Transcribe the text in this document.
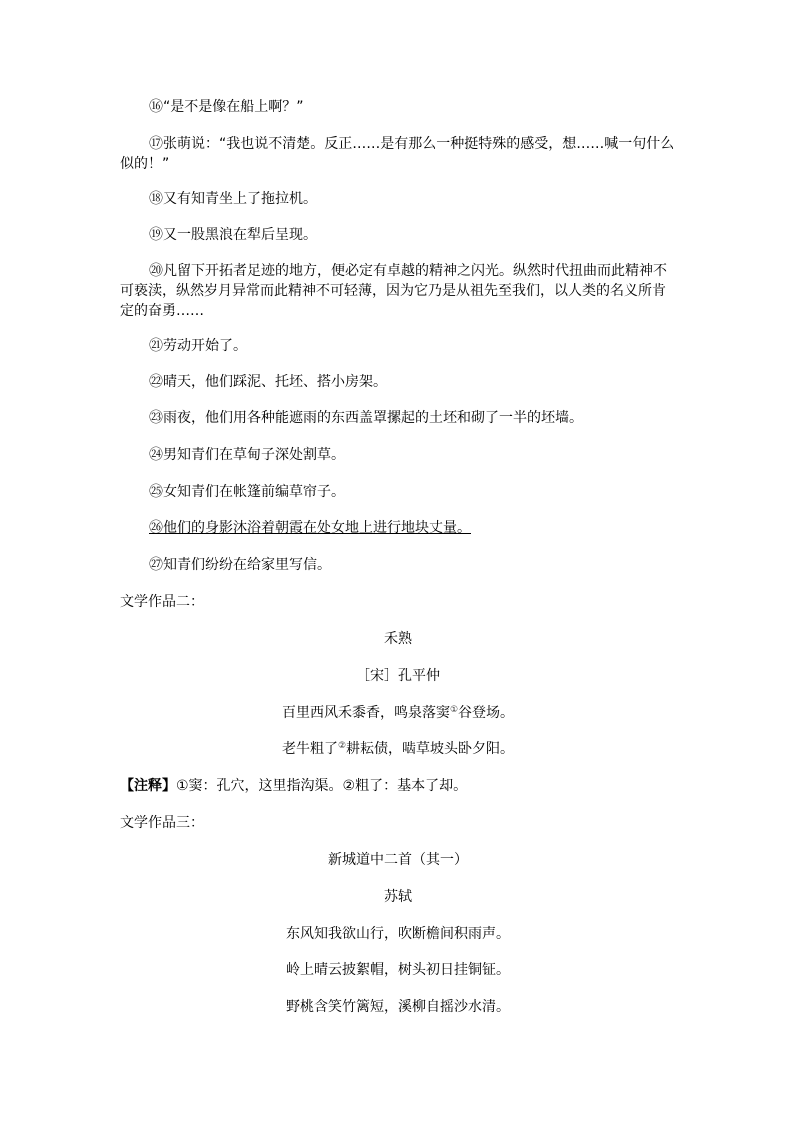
⑯“是不是像在船上啊？”

⑰张萌说：“我也说不清楚。反正……是有那么一种挺特殊的感受，想……喊一句什么似的！”

⑱又有知青坐上了拖拉机。

⑲又一股黑浪在犁后呈现。

⑳凡留下开拓者足迹的地方，便必定有卓越的精神之闪光。纵然时代扭曲而此精神不可亵渎，纵然岁月异常而此精神不可轻薄，因为它乃是从祖先至我们，以人类的名义所肯定的奋勇……

㉑劳动开始了。

㉒晴天，他们踩泥、托坯、搭小房架。

㉓雨夜，他们用各种能遮雨的东西盖罩摞起的土坯和砌了一半的坯墙。

㉔男知青们在草甸子深处割草。

㉕女知青们在帐篷前编草帘子。

㉖他们的身影沐浴着朝霞在处女地上进行地块丈量。

㉗知青们纷纷在给家里写信。

文学作品二：

禾熟

［宋］孔平仲

百里西风禾黍香，鸣泉落窦①谷登场。

老牛粗了②耕耘债，啮草坡头卧夕阳。

【注释】①窦：孔穴，这里指沟渠。②粗了：基本了却。

文学作品三：

新城道中二首（其一）

苏轼

东风知我欲山行，吹断檐间积雨声。

岭上晴云披絮帽，树头初日挂铜钲。

野桃含笑竹篱短，溪柳自摇沙水清。
